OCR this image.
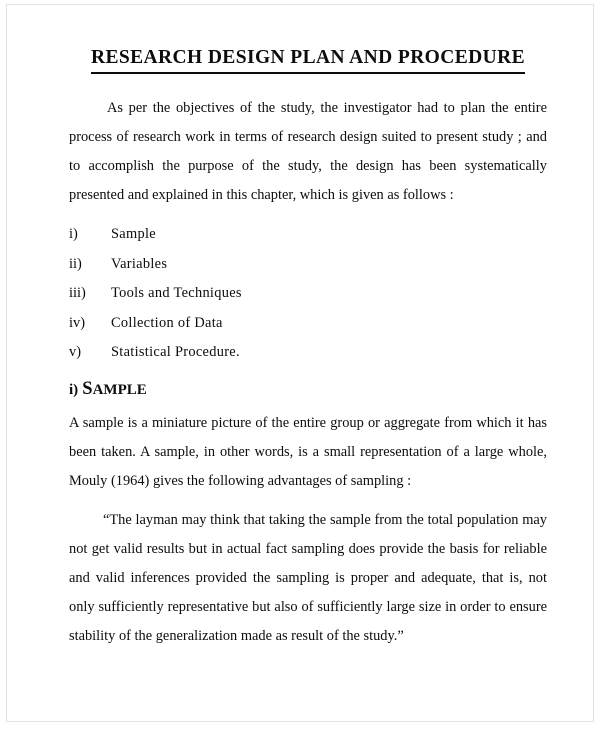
RESEARCH DESIGN PLAN AND PROCEDURE

As per the objectives of the study, the investigator had to plan the entire process of research work in terms of research design suited to present study ; and to accomplish the purpose of the study, the design has been systematically presented and explained in this chapter, which is given as follows :

i)	Sample
ii)	Variables
iii)	Tools and Techniques
iv)	Collection of Data
v)	Statistical Procedure.
i) SAMPLE

A sample is a miniature picture of the entire group or aggregate from which it has been taken. A sample, in other words, is a small representation of a large whole, Mouly (1964) gives the following advantages of sampling :

“The layman may think that taking the sample from the total population may not get valid results but in actual fact sampling does provide the basis for reliable and valid inferences provided the sampling is proper and adequate, that is, not only sufficiently representative but also of sufficiently large size in order to ensure stability of the generalization made as result of the study.”
